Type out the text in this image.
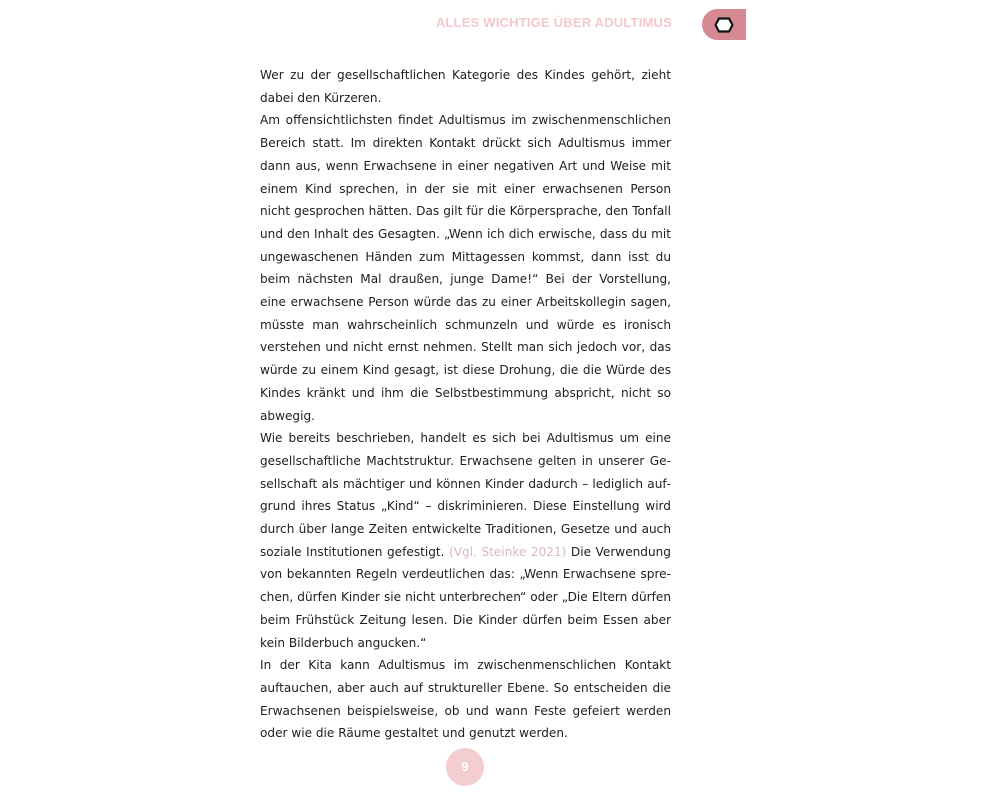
ALLES WICHTIGE ÜBER ADULTIMUS

Wer zu der gesellschaftlichen Kategorie des Kindes gehört, zieht dabei den Kürzeren.

Am offensichtlichsten findet Adultismus im zwischenmenschlichen Bereich statt. Im direkten Kontakt drückt sich Adultismus immer dann aus, wenn Erwachsene in einer negativen Art und Weise mit einem Kind sprechen, in der sie mit einer erwachsenen Person nicht gesprochen hätten. Das gilt für die Körpersprache, den Tonfall und den Inhalt des Gesagten. „Wenn ich dich erwische, dass du mit ungewaschenen Händen zum Mittagessen kommst, dann isst du beim nächsten Mal draußen, junge Dame!“ Bei der Vorstellung, eine erwachsene Person würde das zu einer Arbeitskollegin sagen, müsste man wahrscheinlich schmunzeln und würde es ironisch verstehen und nicht ernst nehmen. Stellt man sich jedoch vor, das würde zu einem Kind gesagt, ist diese Drohung, die die Würde des Kindes kränkt und ihm die Selbstbestimmung abspricht, nicht so abwegig.

Wie bereits beschrieben, handelt es sich bei Adultismus um eine gesellschaftliche Machtstruktur. Erwachsene gelten in unserer Gesellschaft als mächtiger und können Kinder dadurch – lediglich aufgrund ihres Status „Kind“ – diskriminieren. Diese Einstellung wird durch über lange Zeiten entwickelte Traditionen, Gesetze und auch soziale Institutionen gefestigt. (Vgl. Steinke 2021) Die Verwendung von bekannten Regeln verdeutlichen das: „Wenn Erwachsene sprechen, dürfen Kinder sie nicht unterbrechen“ oder „Die Eltern dürfen beim Frühstück Zeitung lesen. Die Kinder dürfen beim Essen aber kein Bilderbuch angucken.“

In der Kita kann Adultismus im zwischenmenschlichen Kontakt auftauchen, aber auch auf struktureller Ebene. So entscheiden die Erwachsenen beispielsweise, ob und wann Feste gefeiert werden oder wie die Räume gestaltet und genutzt werden.

9
